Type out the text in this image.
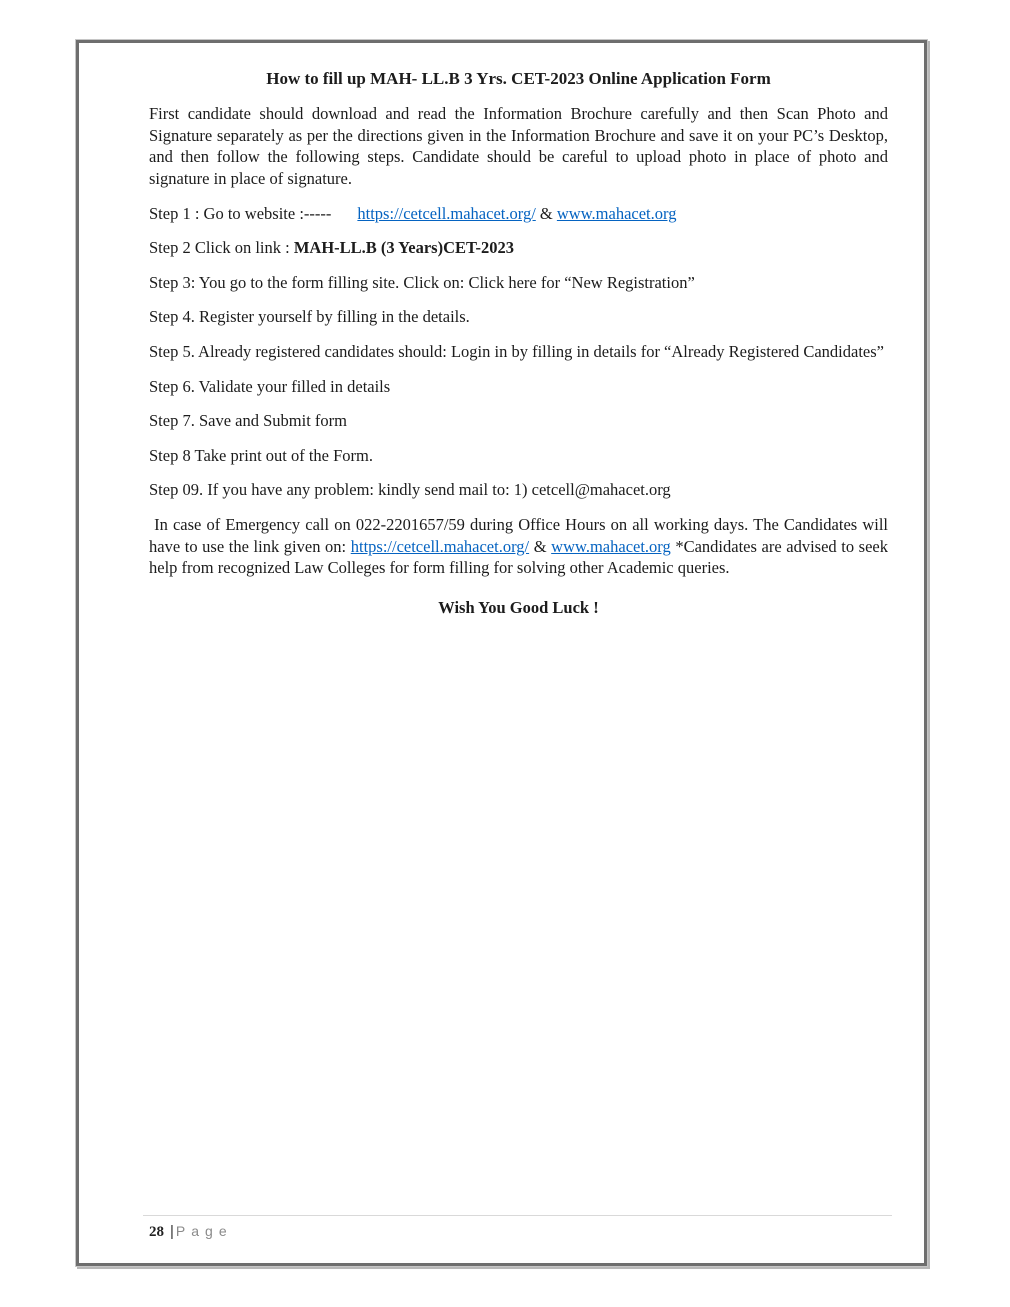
How to fill up MAH- LL.B 3 Yrs. CET-2023 Online Application Form

First candidate should download and read the Information Brochure carefully and then Scan Photo and Signature separately as per the directions given in the Information Brochure and save it on your PC’s Desktop, and then follow the following steps. Candidate should be careful to upload photo in place of photo and signature in place of signature.

Step 1 : Go to website :----- https://cetcell.mahacet.org/ & www.mahacet.org

Step 2 Click on link : MAH-LL.B (3 Years)CET-2023

Step 3: You go to the form filling site. Click on: Click here for “New Registration”

Step 4. Register yourself by filling in the details.

Step 5. Already registered candidates should: Login in by filling in details for “Already Registered Candidates”

Step 6. Validate your filled in details

Step 7. Save and Submit form

Step 8 Take print out of the Form.

Step 09. If you have any problem: kindly send mail to: 1) cetcell@mahacet.org

In case of Emergency call on 022-2201657/59 during Office Hours on all working days. The Candidates will have to use the link given on: https://cetcell.mahacet.org/ & www.mahacet.org *Candidates are advised to seek help from recognized Law Colleges for form filling for solving other Academic queries.

Wish You Good Luck !

28 | Page
